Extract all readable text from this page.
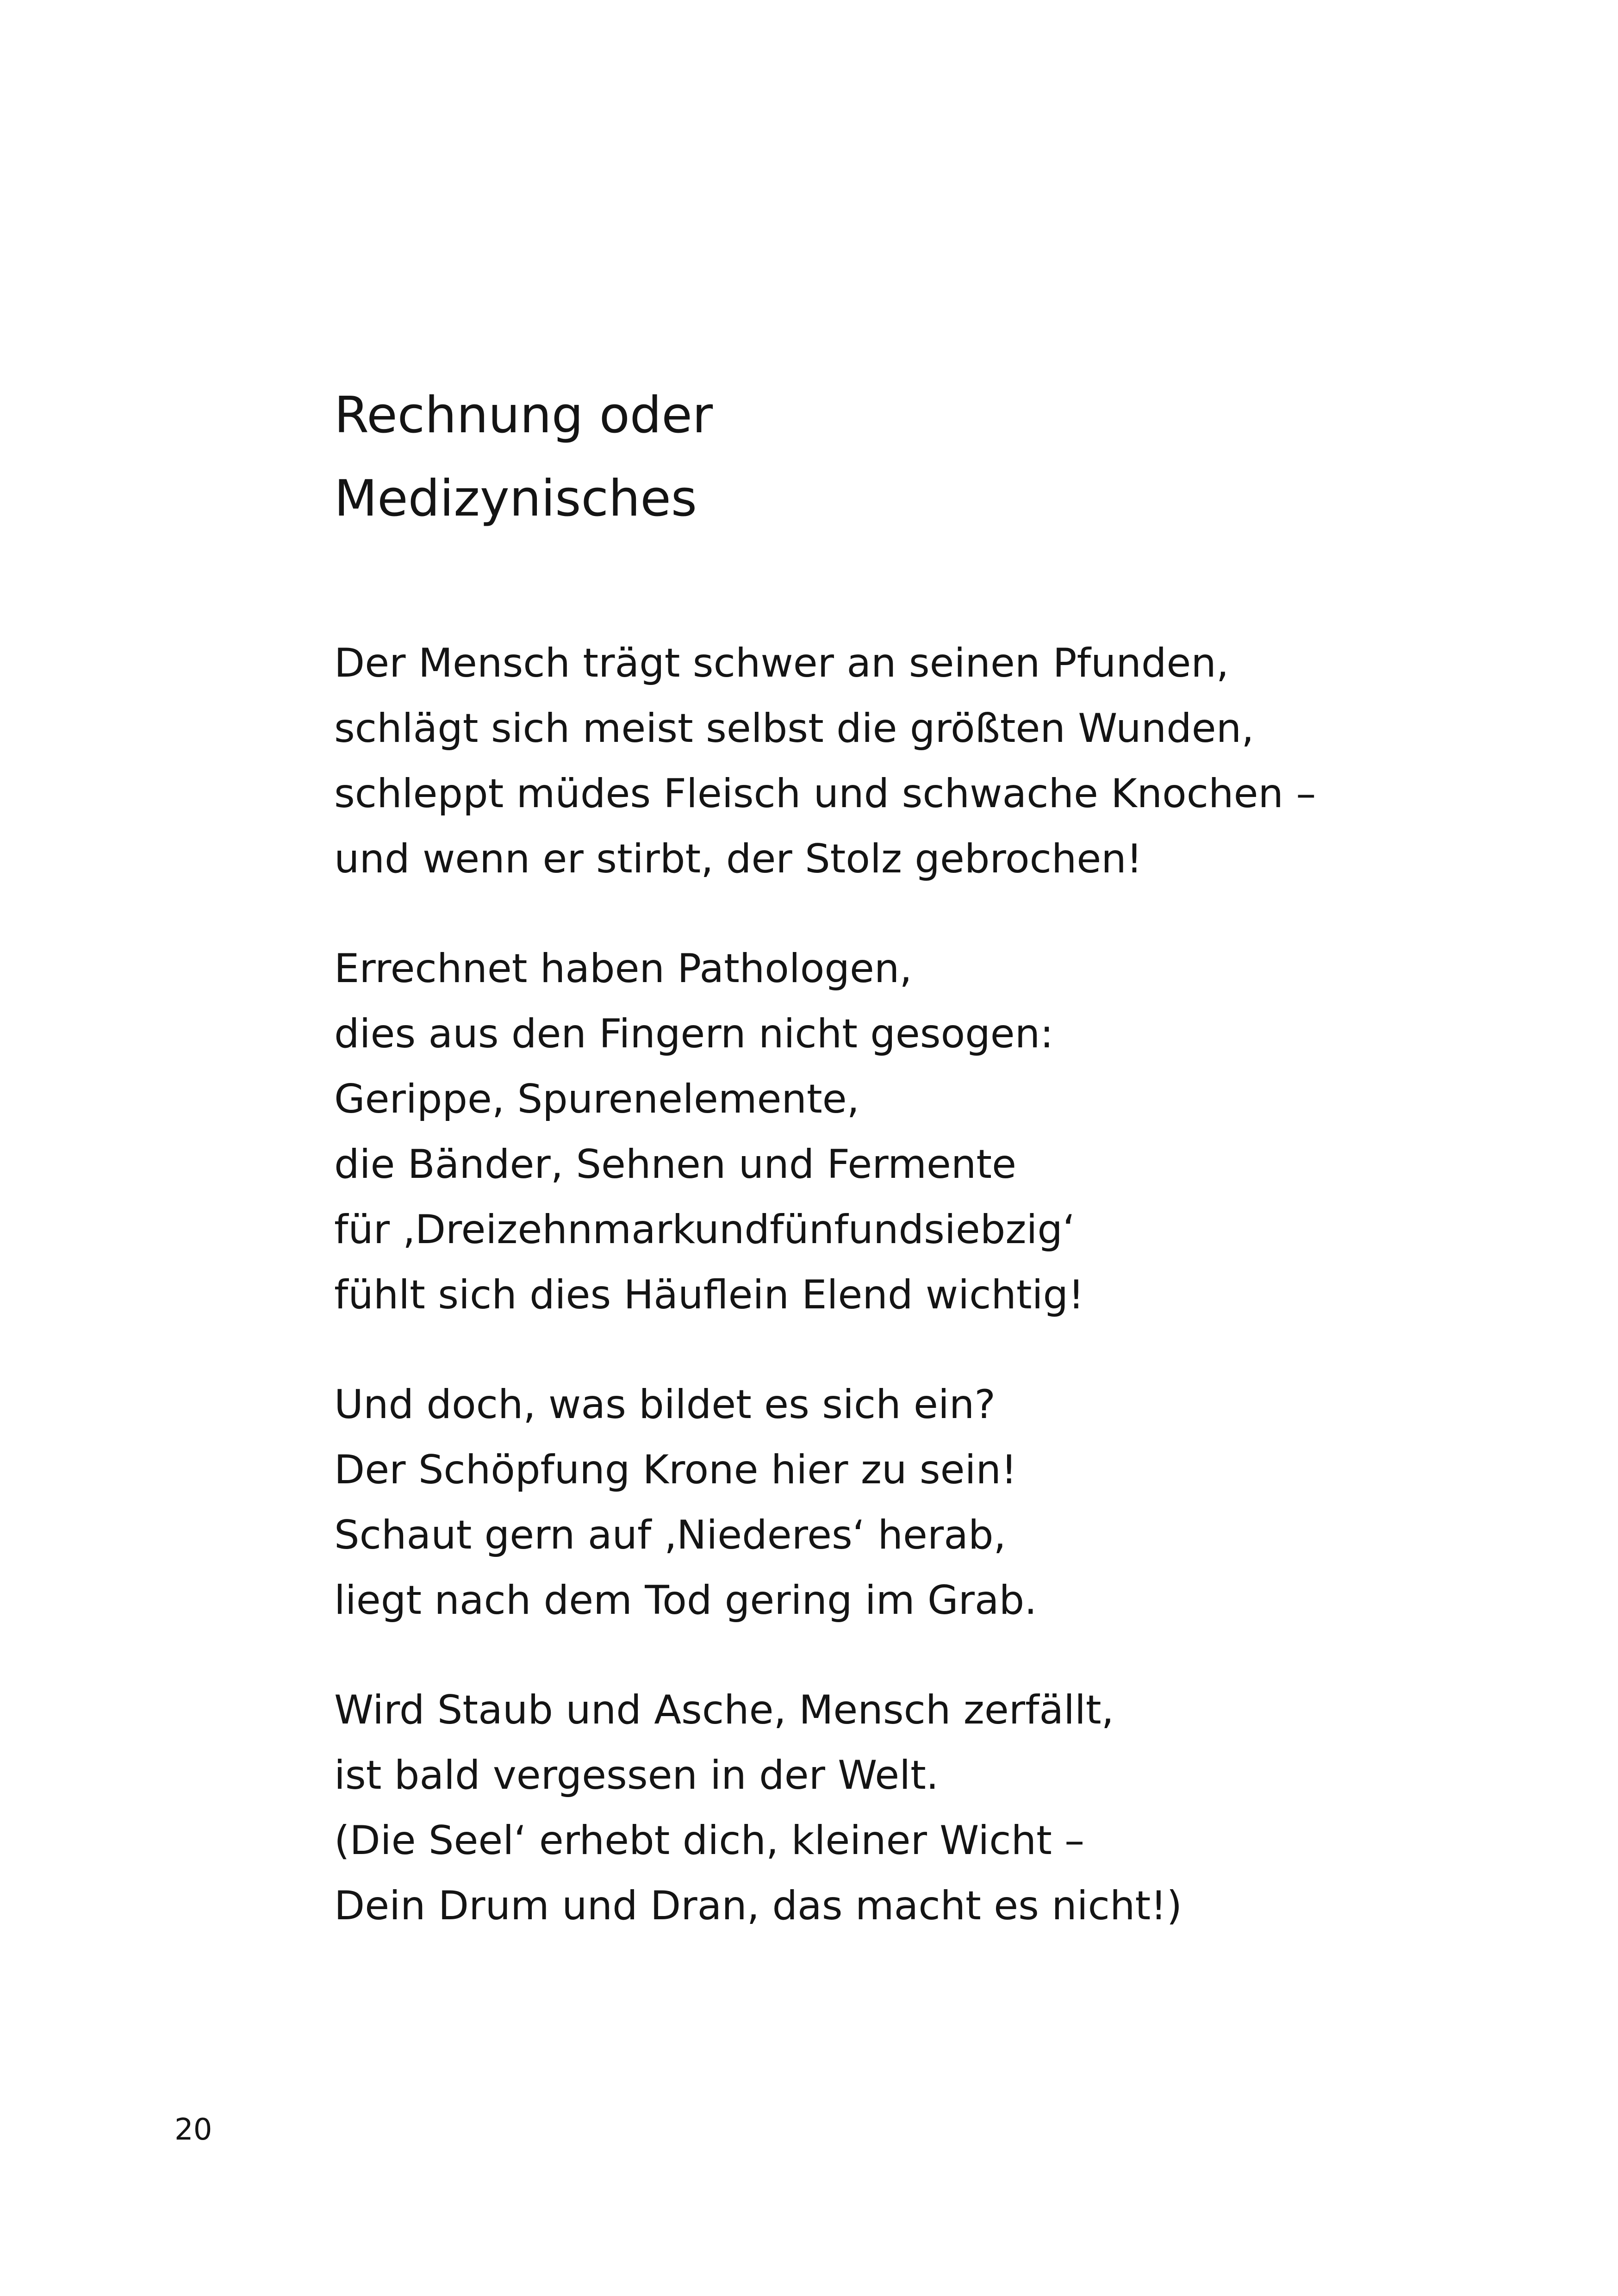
Rechnung oder
Medizynisches
Der Mensch trägt schwer an seinen Pfunden,
schlägt sich meist selbst die größten Wunden,
schleppt müdes Fleisch und schwache Knochen –
und wenn er stirbt, der Stolz gebrochen!
Errechnet haben Pathologen,
dies aus den Fingern nicht gesogen:
Gerippe, Spurenelemente,
die Bänder, Sehnen und Fermente
für ‚Dreizehnmarkundfünfundsiebzig‘
fühlt sich dies Häuflein Elend wichtig!
Und doch, was bildet es sich ein?
Der Schöpfung Krone hier zu sein!
Schaut gern auf ‚Niederes‘ herab,
liegt nach dem Tod gering im Grab.
Wird Staub und Asche, Mensch zerfällt,
ist bald vergessen in der Welt.
(Die Seel‘ erhebt dich, kleiner Wicht –
Dein Drum und Dran, das macht es nicht!)
20
